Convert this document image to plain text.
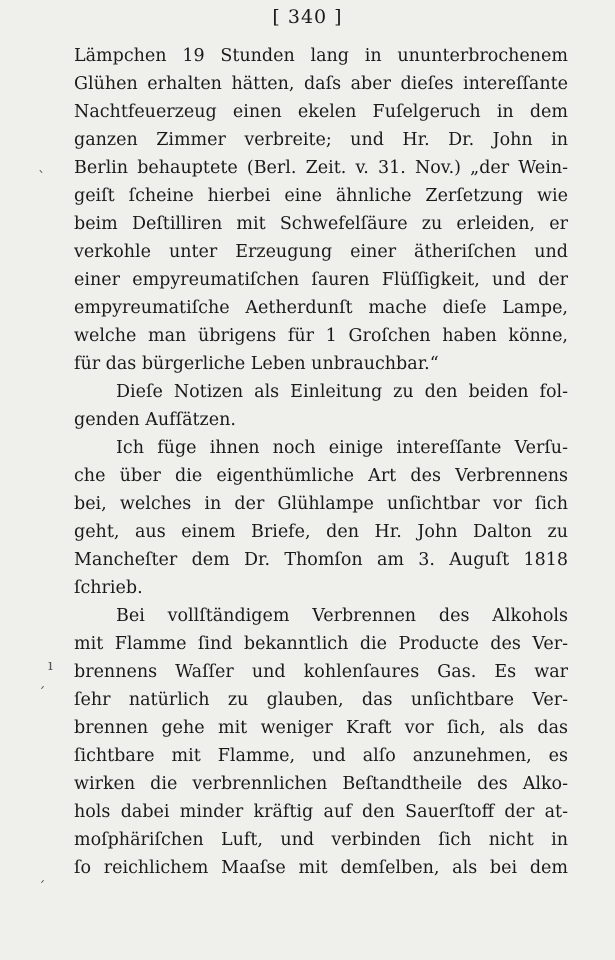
[ 340 ]
ˋ
ı
ˊ
ˊ
Lämpchen 19 Stunden lang in ununterbrochenem
Glühen erhalten hätten, daſs aber dieſes intereſſante
Nachtfeuerzeug einen ekelen Fuſelgeruch in dem
ganzen Zimmer verbreite; und Hr. Dr. John in
Berlin behauptete (Berl. Zeit. v. 31. Nov.) „der Wein-
geiſt ſcheine hierbei eine ähnliche Zerſetzung wie
beim Deſtilliren mit Schwefelſäure zu erleiden, er
verkohle unter Erzeugung einer ätheriſchen und
einer empyreumatiſchen ſauren Flüſſigkeit, und der
empyreumatiſche Aetherdunſt mache dieſe Lampe,
welche man übrigens für 1 Groſchen haben könne,
für das bürgerliche Leben unbrauchbar.“
Dieſe Notizen als Einleitung zu den beiden fol-
genden Aufſätzen.
Ich füge ihnen noch einige intereſſante Verſu-
che über die eigenthümliche Art des Verbrennens
bei, welches in der Glühlampe unſichtbar vor ſich
geht, aus einem Briefe, den Hr. John Dalton zu
Mancheſter dem Dr. Thomſon am 3. Auguſt 1818
ſchrieb.
Bei vollſtändigem Verbrennen des Alkohols
mit Flamme ſind bekanntlich die Producte des Ver-
brennens Waſſer und kohlenſaures Gas. Es war
ſehr natürlich zu glauben, das unſichtbare Ver-
brennen gehe mit weniger Kraft vor ſich, als das
ſichtbare mit Flamme, und alſo anzunehmen, es
wirken die verbrennlichen Beſtandtheile des Alko-
hols dabei minder kräftig auf den Sauerſtoff der at-
moſphäriſchen Luft, und verbinden ſich nicht in
ſo reichlichem Maaſse mit demſelben, als bei dem
